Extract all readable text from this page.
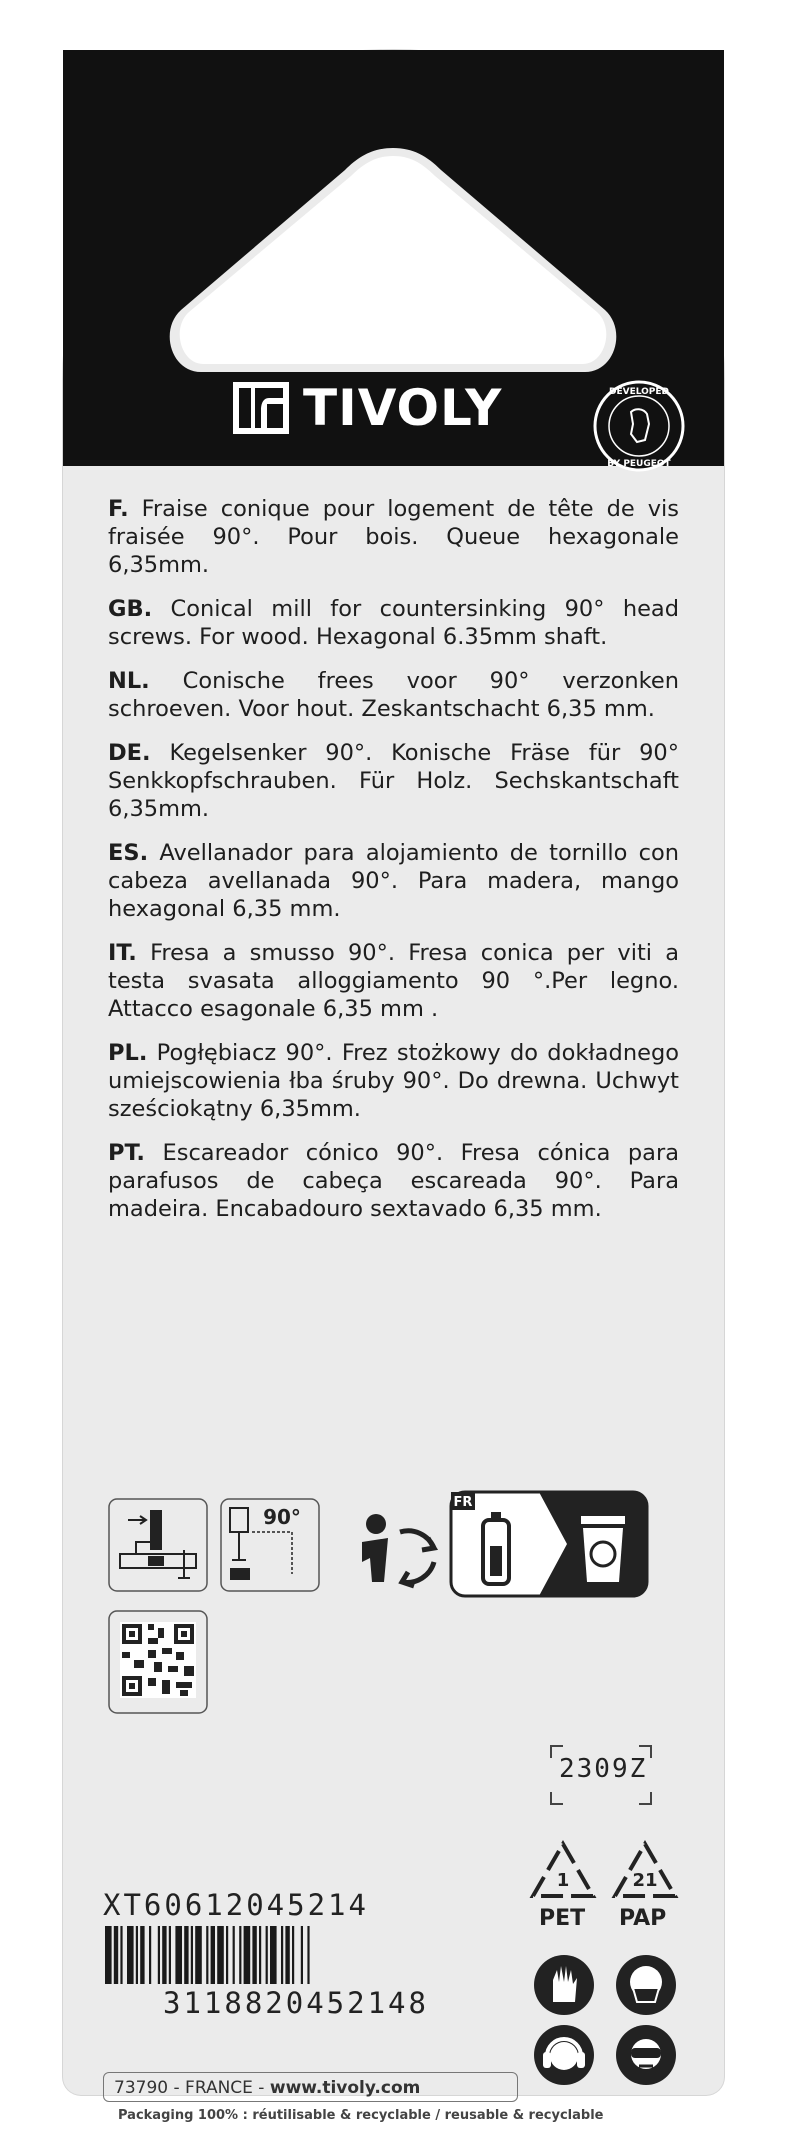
TIVOLY	DEVELOPED
BY PEUGEOT

F. Fraise conique pour logement de tête de vis fraisée 90°. Pour bois. Queue hexagonale 6,35mm.

GB. Conical mill for countersinking 90° head screws. For wood. Hexagonal 6.35mm shaft.

NL. Conische frees voor 90° verzonken schroeven. Voor hout. Zeskantschacht 6,35 mm.

DE. Kegelsenker 90°. Konische Fräse für 90° Senkkopfschrauben. Für Holz. Sechskantschaft 6,35mm.

ES. Avellanador para alojamiento de tornillo con cabeza avellanada 90°. Para madera, mango hexagonal 6,35 mm.

IT. Fresa a smusso 90°. Fresa conica per viti a testa svasata alloggiamento 90 °.Per legno. Attacco esagonale 6,35 mm .

PL. Pogłębiacz 90°. Frez stożkowy do dokładnego umiejscowienia łba śruby 90°. Do drewna. Uchwyt sześciokątny 6,35mm.

PT. Escareador cónico 90°. Fresa cónica para parafusos de cabeça escareada 90°. Para madeira. Encabadouro sextavado 6,35 mm.

90°
FR
2309Z
XT60612045214
3118820452148
1
PET
21
PAP
73790 - FRANCE - www.tivoly.com
Packaging 100% : réutilisable & recyclable / reusable & recyclable
